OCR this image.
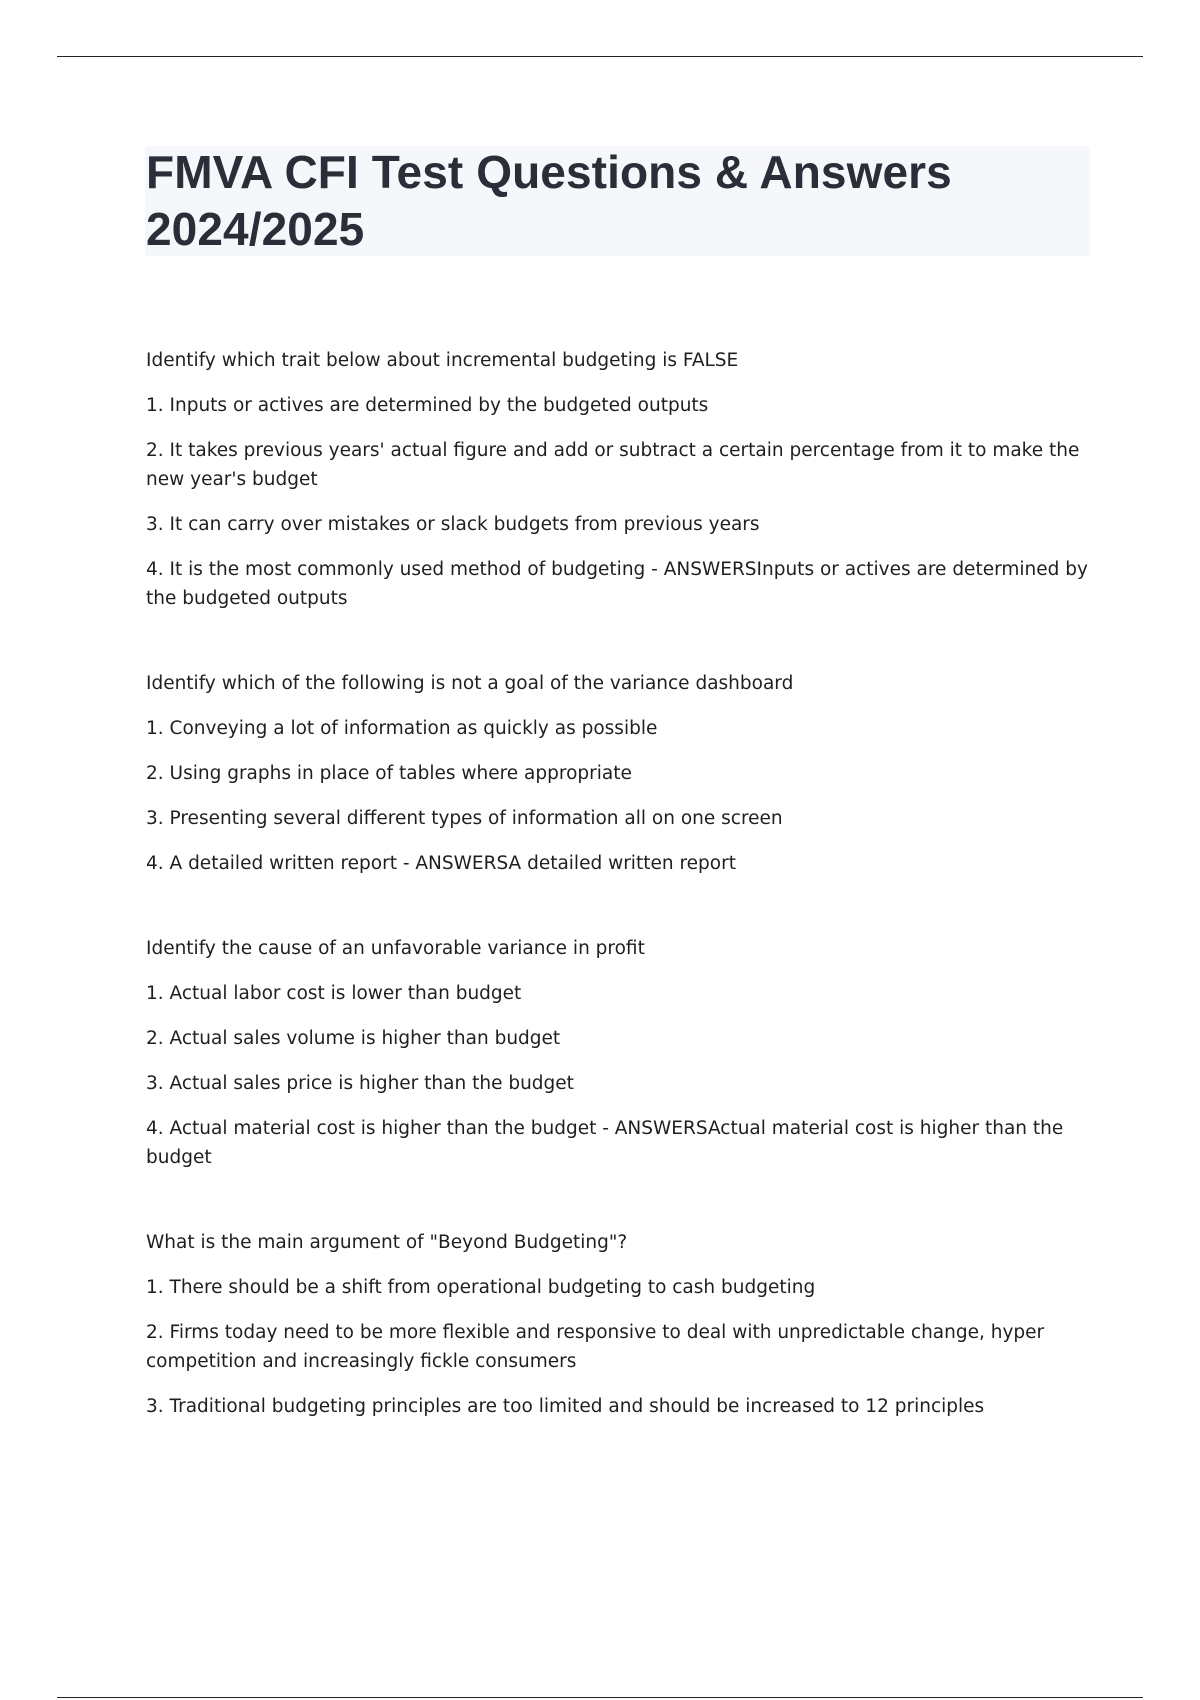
FMVA CFI Test Questions & Answers 2024/2025

Identify which trait below about incremental budgeting is FALSE

1. Inputs or actives are determined by the budgeted outputs

2. It takes previous years' actual figure and add or subtract a certain percentage from it to make the new year's budget

3. It can carry over mistakes or slack budgets from previous years

4. It is the most commonly used method of budgeting - ANSWERSInputs or actives are determined by the budgeted outputs

Identify which of the following is not a goal of the variance dashboard

1. Conveying a lot of information as quickly as possible

2. Using graphs in place of tables where appropriate

3. Presenting several different types of information all on one screen

4. A detailed written report - ANSWERSA detailed written report

Identify the cause of an unfavorable variance in profit

1. Actual labor cost is lower than budget

2. Actual sales volume is higher than budget

3. Actual sales price is higher than the budget

4. Actual material cost is higher than the budget - ANSWERSActual material cost is higher than the budget

What is the main argument of "Beyond Budgeting"?

1. There should be a shift from operational budgeting to cash budgeting

2. Firms today need to be more flexible and responsive to deal with unpredictable change, hyper competition and increasingly fickle consumers

3. Traditional budgeting principles are too limited and should be increased to 12 principles
